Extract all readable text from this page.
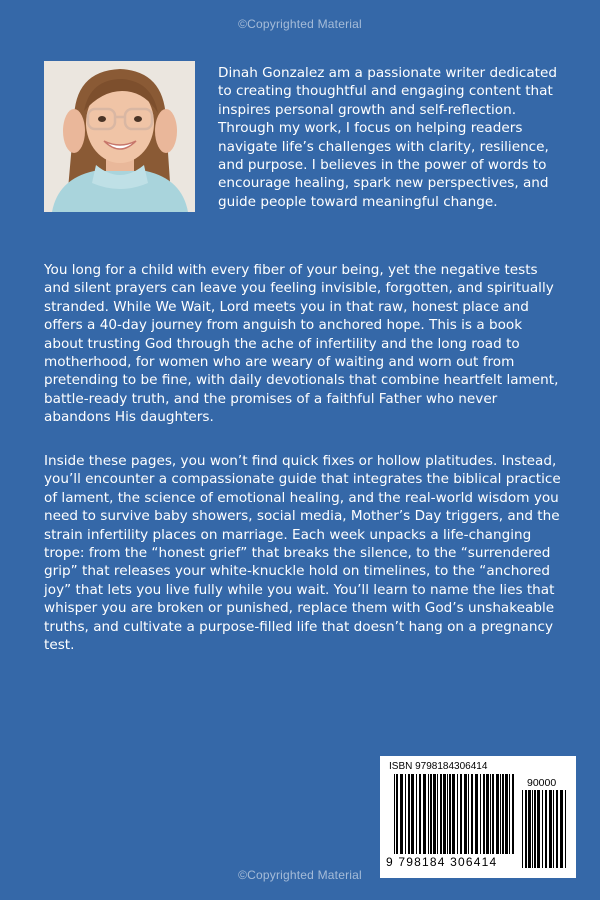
©Copyrighted Material

Dinah Gonzalez am a passionate writer dedicated to creating thoughtful and engaging content that inspires personal growth and self-reflection. Through my work, I focus on helping readers navigate life’s challenges with clarity, resilience, and purpose. I believes in the power of words to encourage healing, spark new perspectives, and guide people toward meaningful change.

You long for a child with every fiber of your being, yet the negative tests and silent prayers can leave you feeling invisible, forgotten, and spiritually stranded. While We Wait, Lord meets you in that raw, honest place and offers a 40-day journey from anguish to anchored hope. This is a book about trusting God through the ache of infertility and the long road to motherhood, for women who are weary of waiting and worn out from pretending to be fine, with daily devotionals that combine heartfelt lament, battle-ready truth, and the promises of a faithful Father who never abandons His daughters.

Inside these pages, you won’t find quick fixes or hollow platitudes. Instead, you’ll encounter a compassionate guide that integrates the biblical practice of lament, the science of emotional healing, and the real-world wisdom you need to survive baby showers, social media, Mother’s Day triggers, and the strain infertility places on marriage. Each week unpacks a life-changing trope: from the “honest grief” that breaks the silence, to the “surrendered grip” that releases your white-knuckle hold on timelines, to the “anchored joy” that lets you live fully while you wait. You’ll learn to name the lies that whisper you are broken or punished, replace them with God’s unshakeable truths, and cultivate a purpose-filled life that doesn’t hang on a pregnancy test.

ISBN 9798184306414
90000
9 798184 306414
©Copyrighted Material
